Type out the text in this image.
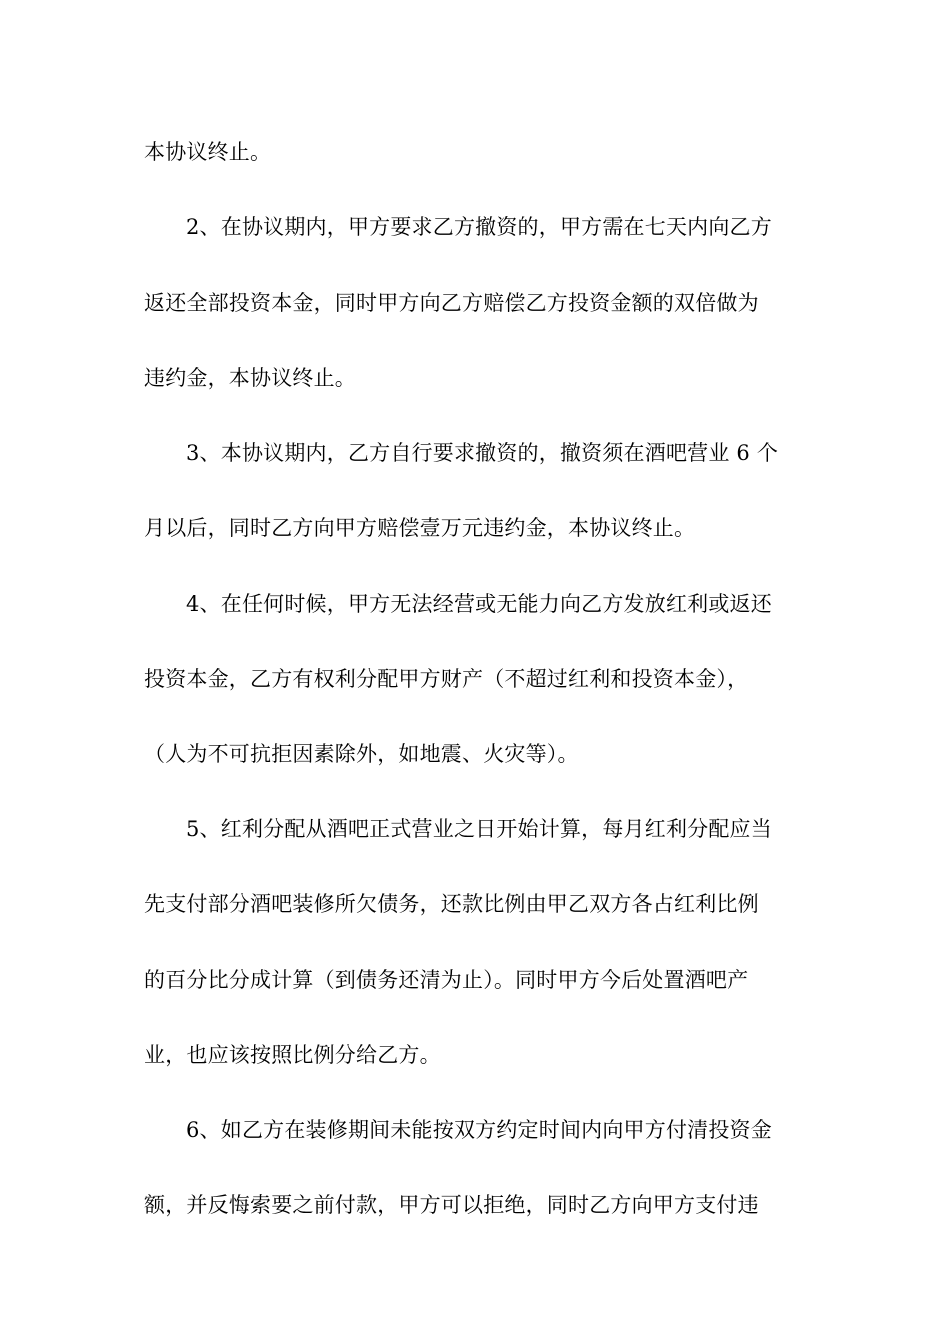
本协议终止。
2、在协议期内，甲方要求乙方撤资的，甲方需在七天内向乙方
返还全部投资本金，同时甲方向乙方赔偿乙方投资金额的双倍做为
违约金，本协议终止。
3、本协议期内，乙方自行要求撤资的，撤资须在酒吧营业 6 个
月以后，同时乙方向甲方赔偿壹万元违约金，本协议终止。
4、在任何时候，甲方无法经营或无能力向乙方发放红利或返还
投资本金，乙方有权利分配甲方财产（不超过红利和投资本金），
（人为不可抗拒因素除外，如地震、火灾等）。
5、红利分配从酒吧正式营业之日开始计算，每月红利分配应当
先支付部分酒吧装修所欠债务，还款比例由甲乙双方各占红利比例
的百分比分成计算（到债务还清为止）。同时甲方今后处置酒吧产
业，也应该按照比例分给乙方。
6、如乙方在装修期间未能按双方约定时间内向甲方付清投资金
额，并反悔索要之前付款，甲方可以拒绝，同时乙方向甲方支付违
